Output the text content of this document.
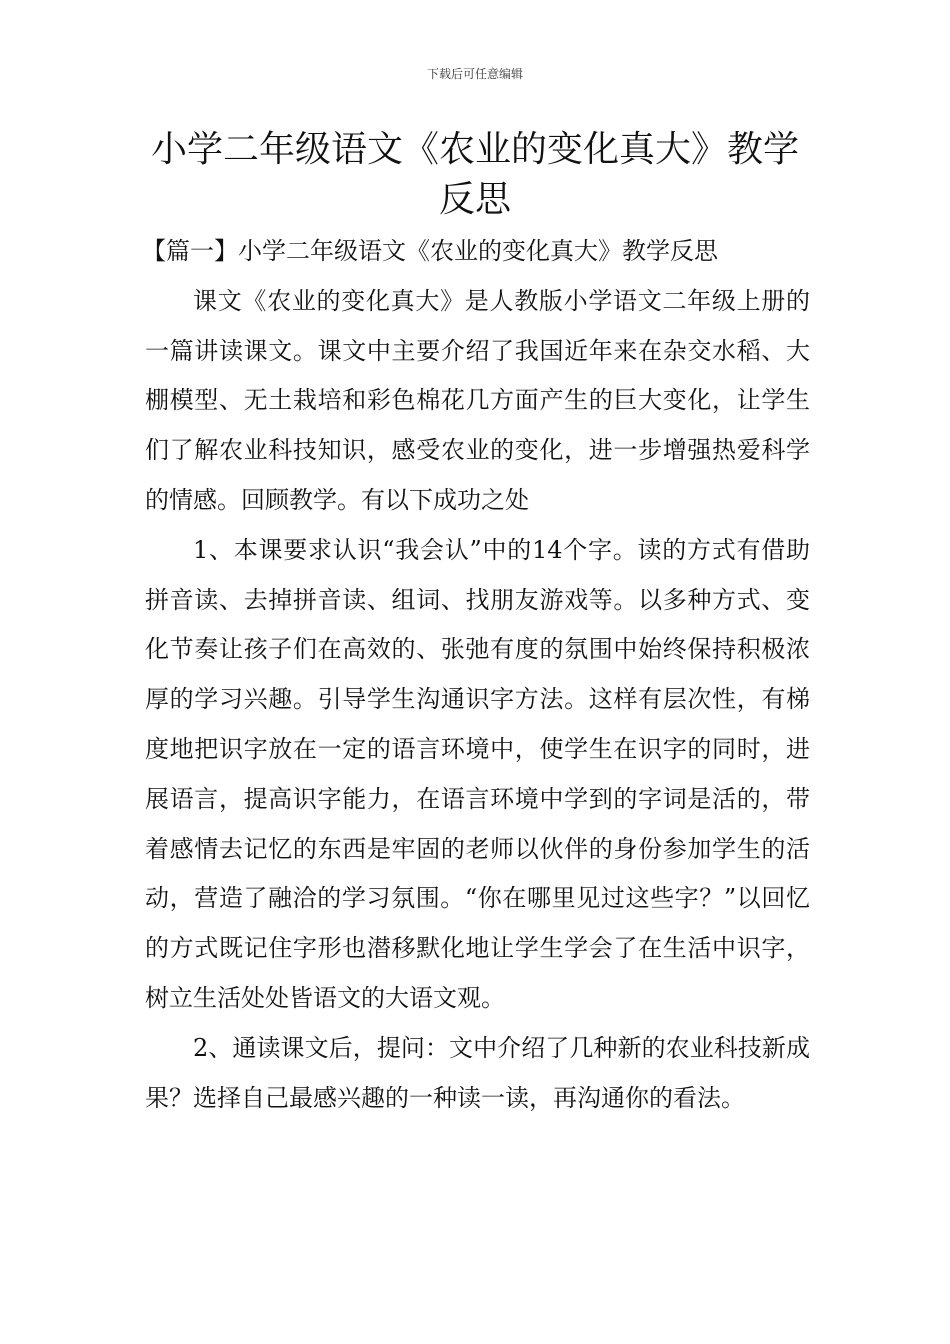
下载后可任意编辑
小学二年级语文《农业的变化真大》教学
反思

【篇一】小学二年级语文《农业的变化真大》教学反思

课文《农业的变化真大》是人教版小学语文二年级上册的一篇讲读课文。课文中主要介绍了我国近年来在杂交水稻、大棚模型、无土栽培和彩色棉花几方面产生的巨大变化，让学生们了解农业科技知识，感受农业的变化，进一步增强热爱科学的情感。回顾教学。有以下成功之处

1、本课要求认识“我会认”中的14个字。读的方式有借助拼音读、去掉拼音读、组词、找朋友游戏等。以多种方式、变化节奏让孩子们在高效的、张弛有度的氛围中始终保持积极浓厚的学习兴趣。引导学生沟通识字方法。这样有层次性，有梯度地把识字放在一定的语言环境中，使学生在识字的同时，进展语言，提高识字能力，在语言环境中学到的字词是活的，带着感情去记忆的东西是牢固的老师以伙伴的身份参加学生的活动，营造了融洽的学习氛围。“你在哪里见过这些字？”以回忆的方式既记住字形也潜移默化地让学生学会了在生活中识字，树立生活处处皆语文的大语文观。

2、通读课文后，提问：文中介绍了几种新的农业科技新成果？选择自己最感兴趣的一种读一读，再沟通你的看法。
